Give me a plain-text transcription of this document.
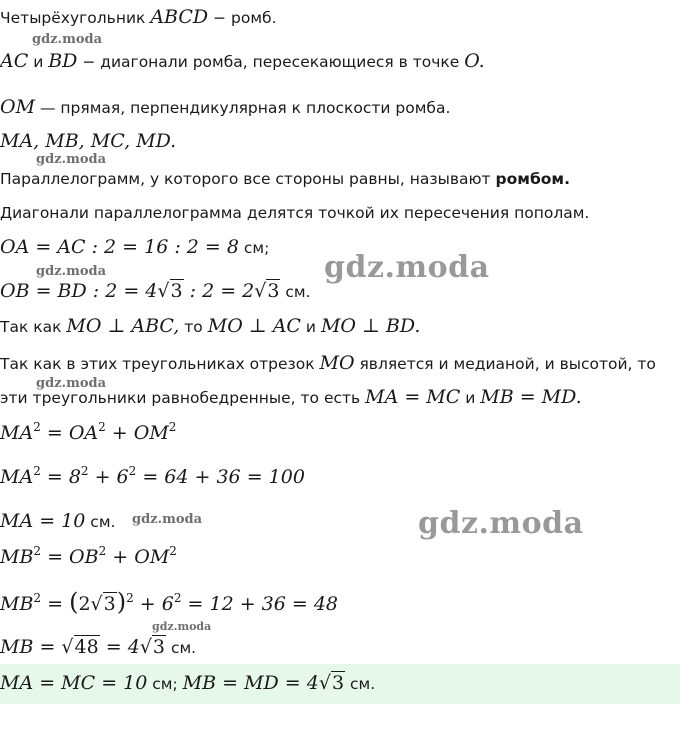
Четырёхугольник ABCD − ромб.
AC и BD − диагонали ромба, пересекающиеся в точке O.
OM — прямая, перпендикулярная к плоскости ромба.
MA, MB, MC, MD.
Параллелограмм, у которого все стороны равны, называют ромбом.
Диагонали параллелограмма делятся точкой их пересечения пополам.
OA = AC : 2 = 16 : 2 = 8 см;
OB = BD : 2 = 4√3 : 2 = 2√3 см.
Так как MO ⊥ ABC, то MO ⊥ AC и MO ⊥ BD.
Так как в этих треугольниках отрезок MO является и медианой, и высотой, то
эти треугольники равнобедренные, то есть MA = MC и MB = MD.
$MA^2 = OA^2 + OM^2$
$MA^2 = 8^2 + 6^2 = 64 + 36 = 100$
MA = 10 см.
$MB^2 = OB^2 + OM^2$
$MB^2 = (2√3)^2 + 6^2 = 12 + 36 = 48$
MB = √48 = 4√3 см.
MA = MC = 10 см; MB = MD = 4√3 см.
gdz.moda
gdz.moda
gdz.moda
gdz.moda
gdz.moda
gdz.moda
gdz.moda
gdz.moda
